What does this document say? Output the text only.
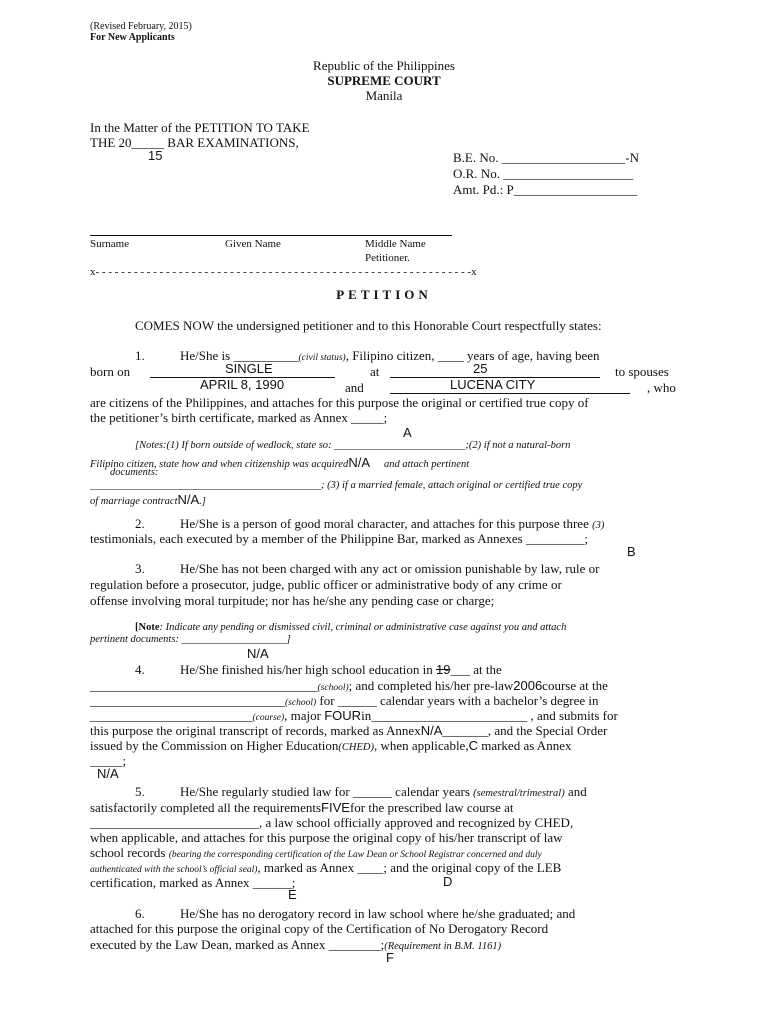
(Revised February, 2015)
For New Applicants
Republic of the Philippines
SUPREME COURT
Manila
In the Matter of the PETITION TO TAKE
THE 20_____ BAR EXAMINATIONS,
15	B.E. No. ___________________-N
O.R. No. ____________________
Amt. Pd.: P___________________
Surname	Given Name	Middle Name
Petitioner.
x- - - - - - - - - - - - - - - - - - - - - - - - - - - - - - - - - - - - - - - - - - - - - - - - - - - - - - - - - - -x
PETITION
COMES NOW the undersigned petitioner and to this Honorable Court respectfully states:
1.	He/She is __________(civil status), Filipino citizen, ____ years of age, having been
born on	at	to spouses
SINGLE	25
APRIL 8, 1990	and	LUCENA CITY	, who
are citizens of the Philippines, and attaches for this purpose the original or certified true copy of
the petitioner’s birth certificate, marked as Annex _____;
A
[Notes:(1) If born outside of wedlock, state so: _________________________;(2) if not a natural-born
Filipino citizen, state how and when citizenship was acquiredN/A and attach pertinent
documents:
____________________________________________; (3) if a married female, attach original or certified true copy
of marriage contractN/A.]
2.	He/She is a person of good moral character, and attaches for this purpose three (3)
testimonials, each executed by a member of the Philippine Bar, marked as Annexes _________;
B
3.	He/She has not been charged with any act or omission punishable by law, rule or
regulation before a prosecutor, judge, public officer or administrative body of any crime or
offense involving moral turpitude; nor has he/she any pending case or charge;
[Note: Indicate any pending or dismissed civil, criminal or administrative case against you and attach
pertinent documents: ____________________]
N/A
4.	He/She finished his/her high school education in 19___ at the
___________________________________(school); and completed his/her pre-law2006course at the
______________________________(school) for ______ calendar years with a bachelor’s degree in
_________________________(course), major FOURin________________________ , and submits for
this purpose the original transcript of records, marked as AnnexN/A_______, and the Special Order
issued by the Commission on Higher Education(CHED), when applicable,C marked as Annex
_____;
N/A
5.	He/She regularly studied law for ______ calendar years (semestral/trimestral) and
satisfactorily completed all the requirementsFIVEfor the prescribed law course at
__________________________, a law school officially approved and recognized by CHED,
when applicable, and attaches for this purpose the original copy of his/her transcript of law
school records (bearing the corresponding certification of the Law Dean or School Registrar concerned and duly
authenticated with the school’s official seal), marked as Annex ____; and the original copy of the LEB
certification, marked as Annex ______;	D
E
6.	He/She has no derogatory record in law school where he/she graduated; and
attached for this purpose the original copy of the Certification of No Derogatory Record
executed by the Law Dean, marked as Annex ________;(Requirement in B.M. 1161)
F
